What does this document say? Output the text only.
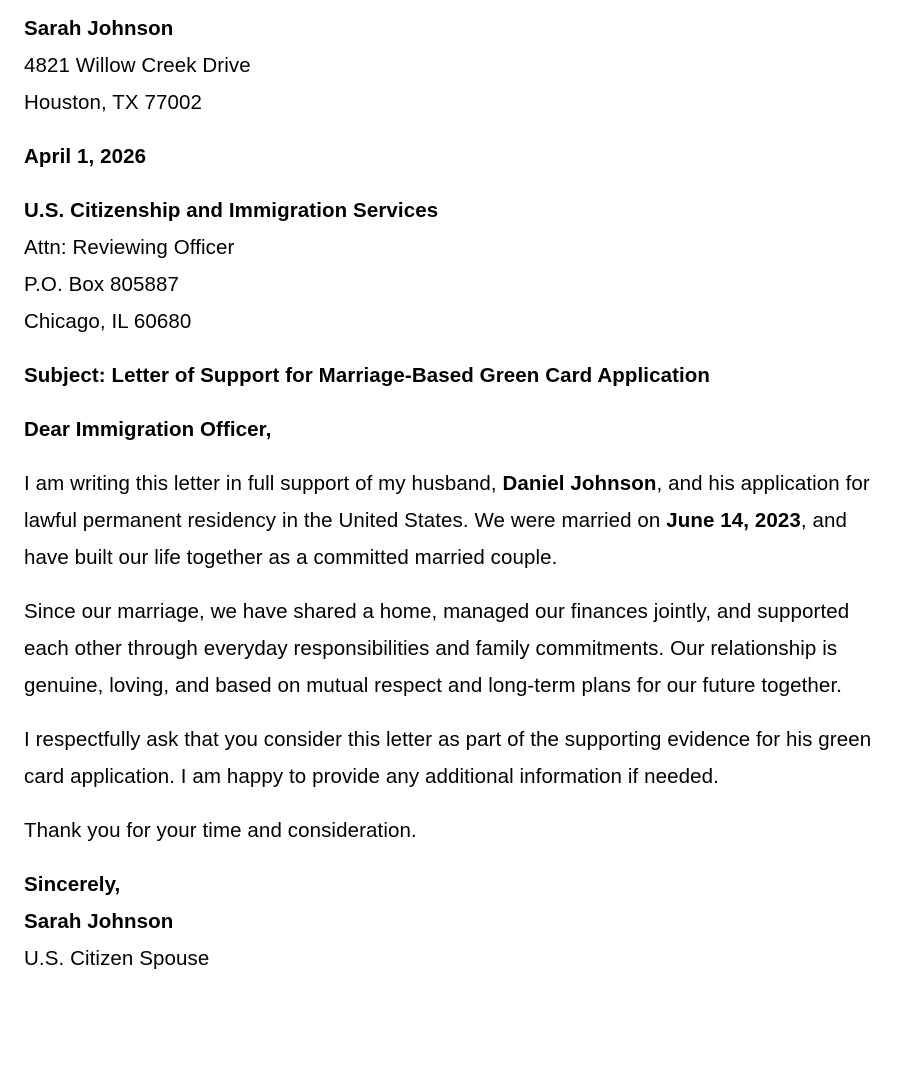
Sarah Johnson
4821 Willow Creek Drive
Houston, TX 77002
April 1, 2026
U.S. Citizenship and Immigration Services
Attn: Reviewing Officer
P.O. Box 805887
Chicago, IL 60680
Subject: Letter of Support for Marriage-Based Green Card Application
Dear Immigration Officer,

I am writing this letter in full support of my husband, Daniel Johnson, and his application for lawful permanent residency in the United States. We were married on June 14, 2023, and have built our life together as a committed married couple.

Since our marriage, we have shared a home, managed our finances jointly, and supported each other through everyday responsibilities and family commitments. Our relationship is genuine, loving, and based on mutual respect and long-term plans for our future together.

I respectfully ask that you consider this letter as part of the supporting evidence for his green card application. I am happy to provide any additional information if needed.

Thank you for your time and consideration.

Sincerely,
Sarah Johnson
U.S. Citizen Spouse
